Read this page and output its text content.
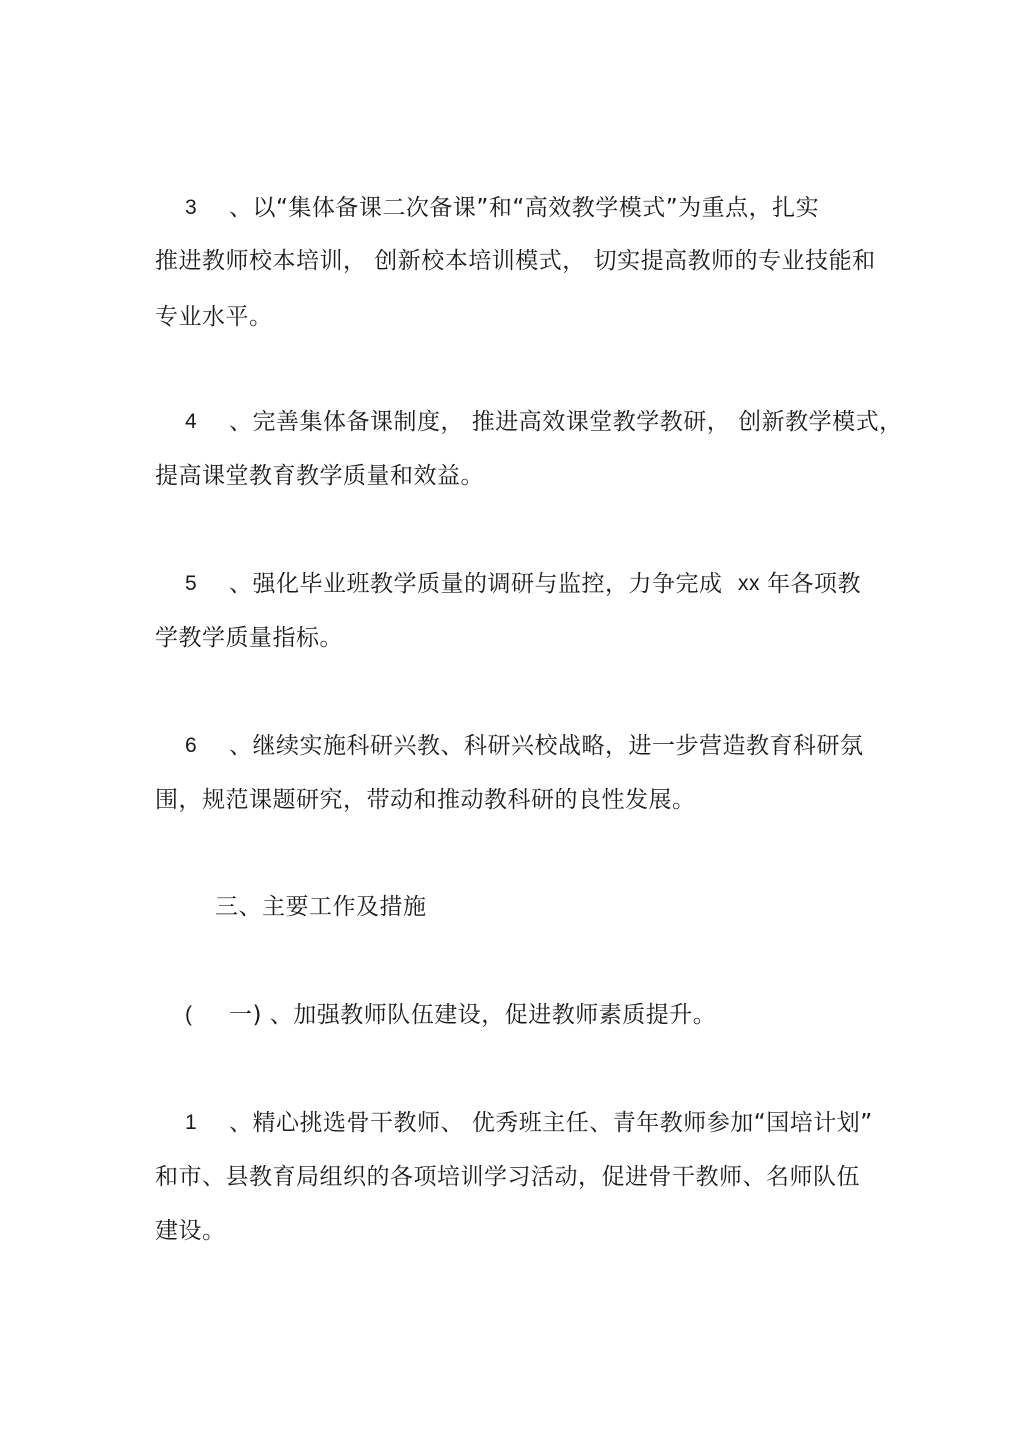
3 、以“集体备课二次备课”和“高效教学模式”为重点，扎实
推进教师校本培训， 创新校本培训模式， 切实提高教师的专业技能和
专业水平。
4 、完善集体备课制度， 推进高效课堂教学教研， 创新教学模式，
提高课堂教育教学质量和效益。
5 、强化毕业班教学质量的调研与监控，力争完成 xx 年各项教
学教学质量指标。
6 、继续实施科研兴教、科研兴校战略，进一步营造教育科研氛
围，规范课题研究，带动和推动教科研的良性发展。
三、主要工作及措施
( 一) 、加强教师队伍建设，促进教师素质提升。
1 、精心挑选骨干教师、 优秀班主任、青年教师参加“国培计划”
和市、县教育局组织的各项培训学习活动，促进骨干教师、名师队伍
建设。
